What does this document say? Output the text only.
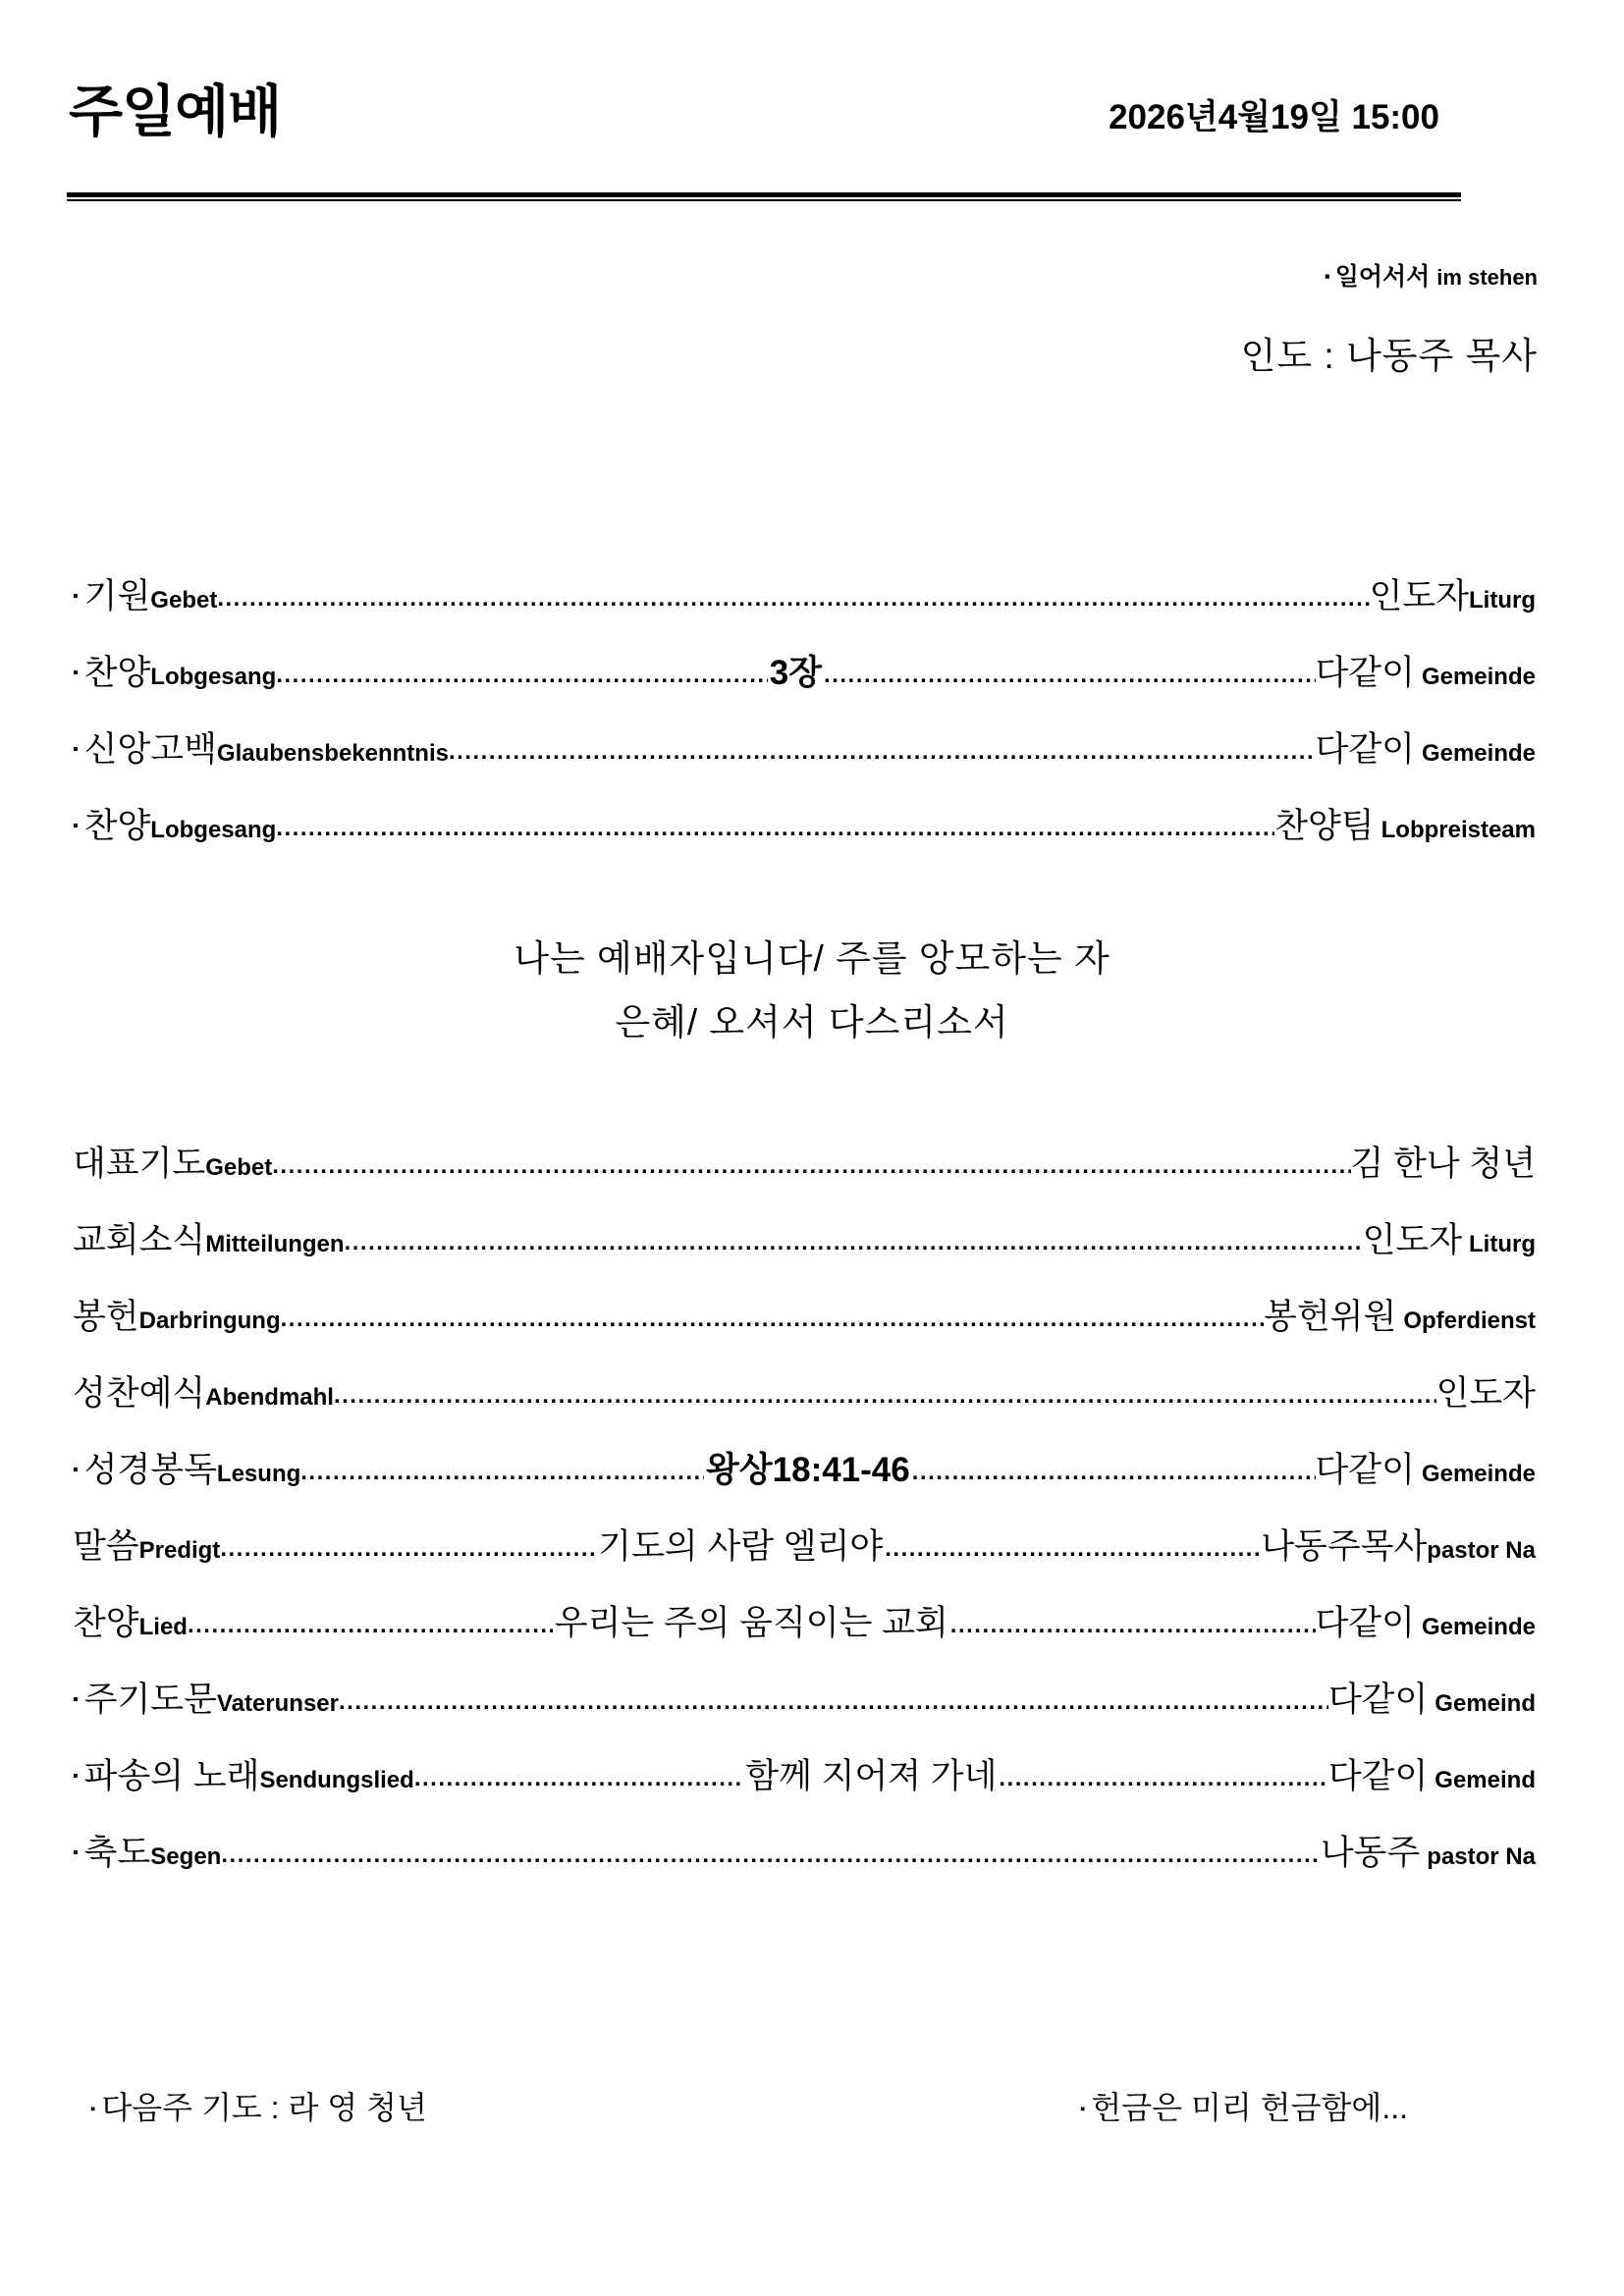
주일예배	2026년4월19일 15:00
▪ 일어서서 im stehen
인도 : 나동주 목사
▪ 기원 Gebet .....	인도자 Liturg
▪ 찬양 Lobgesang .....	3장 .....	다같이 Gemeinde
▪ 신앙고백 Glaubensbekenntnis .....	다같이 Gemeinde
▪ 찬양 Lobgesang .....	찬양팀 Lobpreisteam
나는 예배자입니다/ 주를 앙모하는 자
은혜/ 오셔서 다스리소서
대표기도 Gebet .....	김 한나 청년
교회소식 Mitteilungen .....	인도자 Liturg
봉헌 Darbringung .....	봉헌위원 Opferdienst
성찬예식 Abendmahl .....	인도자
▪ 성경봉독 Lesung .....	왕상18:41-46 .....	다같이 Gemeinde
말씀 Predigt .....	기도의 사람 엘리야 .....	나동주목사 pastor Na
찬양 Lied .....	우리는 주의 움직이는 교회 .....	다같이 Gemeinde
▪ 주기도문 Vaterunser .....	다같이 Gemeind
▪ 파송의 노래 Sendungslied .....	함께 지어져 가네 .....	다같이 Gemeind
▪ 축도 Segen .....	나동주 pastor Na
▪ 다음주 기도 : 라 영 청년	▪ 헌금은 미리 헌금함에...
